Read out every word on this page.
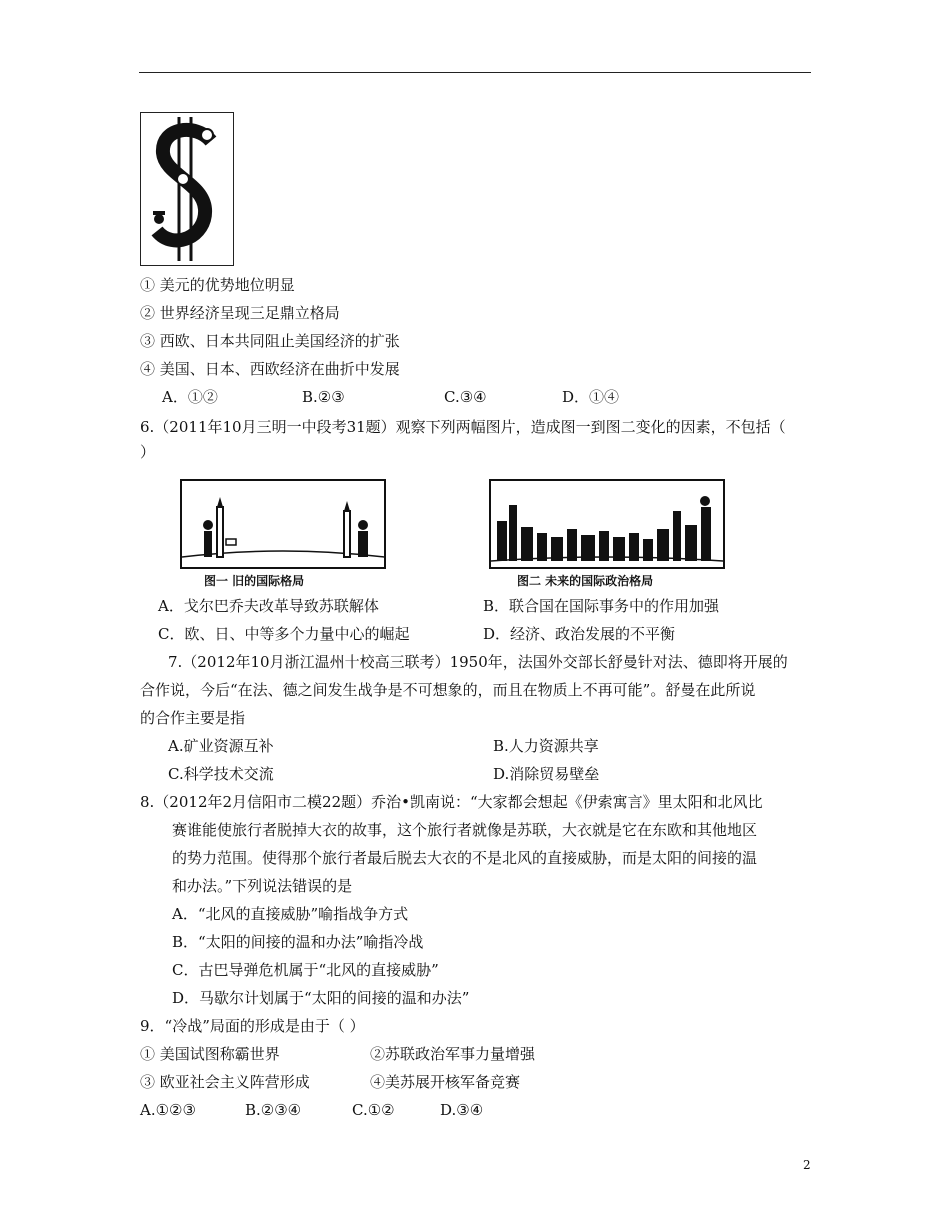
① 美元的优势地位明显
② 世界经济呈现三足鼎立格局
③ 西欧、日本共同阻止美国经济的扩张
④ 美国、日本、西欧经济在曲折中发展
A．①②	B.②③	C.③④	D．①④
6.（2011年10月三明一中段考31题）观察下列两幅图片，造成图一到图二变化的因素，不包括（
）
图一 旧的国际格局	图二 未来的国际政治格局
A．戈尔巴乔夫改革导致苏联解体	B．联合国在国际事务中的作用加强
C．欧、日、中等多个力量中心的崛起	D．经济、政治发展的不平衡
7.（2012年10月浙江温州十校高三联考）1950年，法国外交部长舒曼针对法、德即将开展的
合作说，今后“在法、德之间发生战争是不可想象的，而且在物质上不再可能”。舒曼在此所说
的合作主要是指
A.矿业资源互补	B.人力资源共享
C.科学技术交流	D.消除贸易壁垒
8.（2012年2月信阳市二模22题）乔治•凯南说：“大家都会想起《伊索寓言》里太阳和北风比
赛谁能使旅行者脱掉大衣的故事，这个旅行者就像是苏联，大衣就是它在东欧和其他地区
的势力范围。使得那个旅行者最后脱去大衣的不是北风的直接威胁，而是太阳的间接的温
和办法。”下列说法错误的是
A．“北风的直接威胁”喻指战争方式
B．“太阳的间接的温和办法”喻指冷战
C．古巴导弹危机属于“北风的直接威胁”
D．马歇尔计划属于“太阳的间接的温和办法”
9．“冷战”局面的形成是由于（ ）
① 美国试图称霸世界	②苏联政治军事力量增强
③ 欧亚社会主义阵营形成	④美苏展开核军备竞赛
A.①②③	B.②③④	C.①②	D.③④
2
